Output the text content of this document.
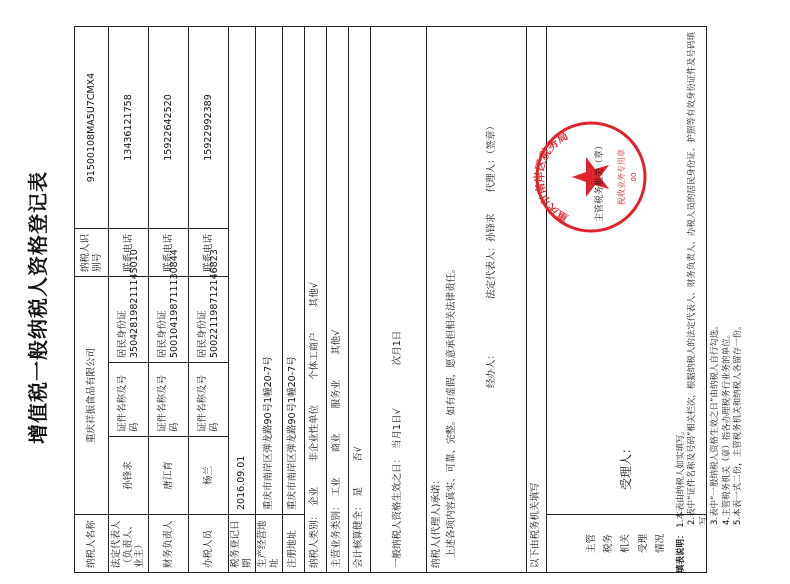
增值税一般纳税人资格登记表
纳税人名称	重庆祥振食品有限公司			纳税人识别号	91500108MA5U7CMX4
法定代表人（负责人、业主）	孙锋求	证件名称及号码	居民身份证 350428198211145010	联系电话	13436121758
财务负责人	唐江育	证件名称及号码	居民身份证 500104198711130844	联系电话	15922642520
办税人员	杨兰	证件名称及号码	居民身份证 500221198712146823	联系电话	15922992389
税务登记日期	2016.09.01				
生产经营地址	重庆市南岸区弹龙路90号1幢20-7号				
注册地址	重庆市南岸区弹龙路90号1幢20-7号				
纳税人类别： 企业 非企业性单位 个体工商户 其他√					
主营业务类别： 工业 商业 服务业 其他√					
会计核算健全： 是 否√					
一般纳税人资格生效之日： 当月1日√ 次月1日					

纳税人(代理人)承诺： 上述各项内容真实、可靠、完整。如有虚假，愿意承担相关法律责任。 经办人： 法定代表人：孙锋求 代理人：（签章）					

以下由税务机关填写					

主管 税务 机关 受理 情况	受理人：				
填表说明： 1.本表由纳税人如实填写。 2.表中“证件名称及号码”相关栏次，根据纳税人的法定代表人、财务负责人、办税人员的居民身份证、护照等有效身份证件及号码填写。 3.表中“一般纳税人资格生效之日”由纳税人自行勾选。 4.主管税务机关（章）指各办理税务行业务的单位。 5.本表一式二份，主管税务机关和纳税人各留存一份。
重庆市南岸区税务局
税收业务专用章 00
主管税务机关（章）
